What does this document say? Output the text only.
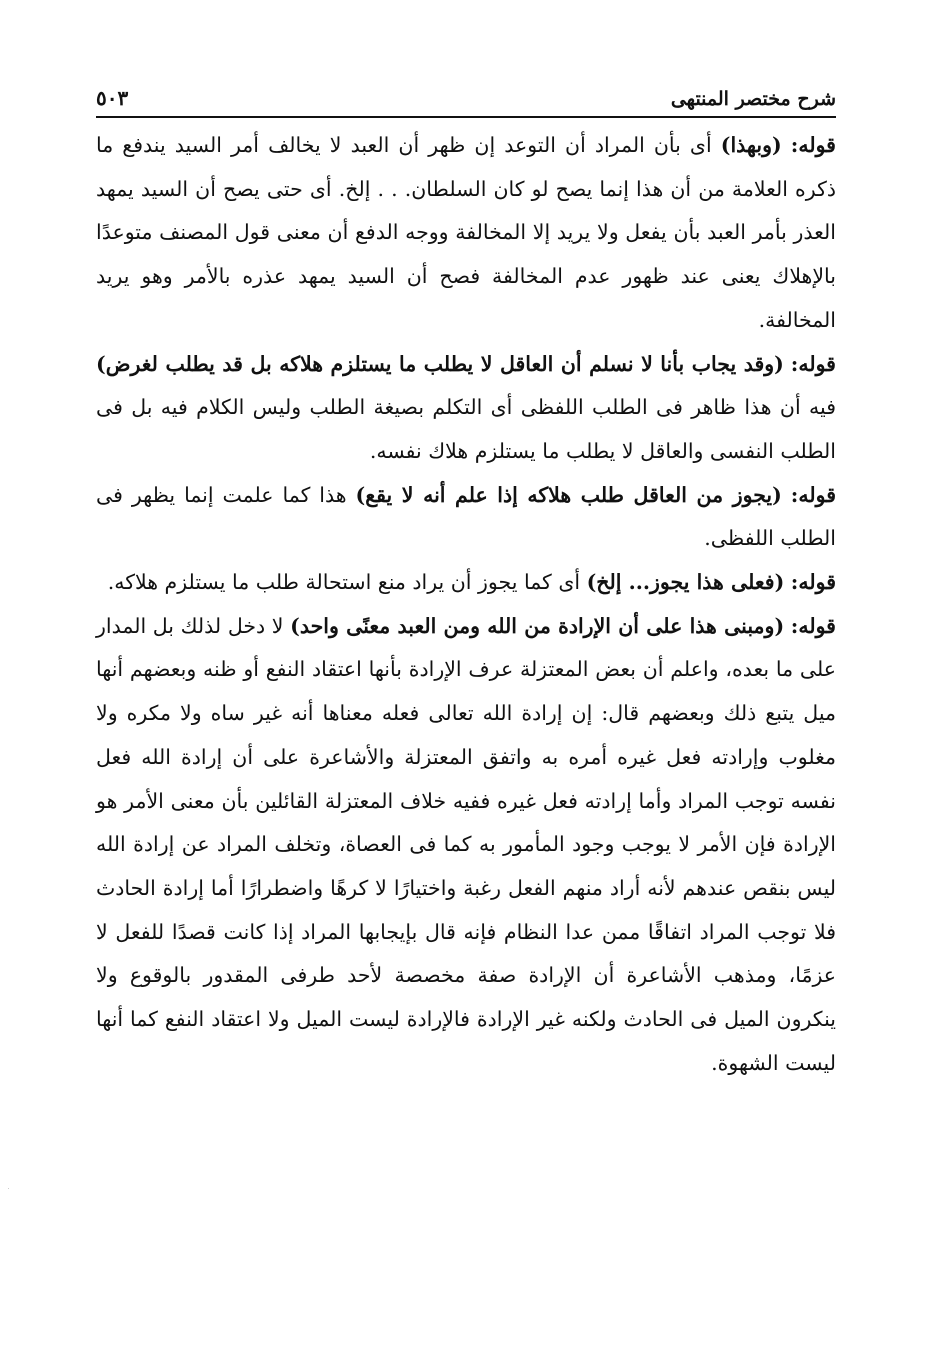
شرح مختصر المنتهى
٥٠٣

قوله: (وبهذا) أى بأن المراد أن التوعد إن ظهر أن العبد لا يخالف أمر السيد يندفع ما ذكره العلامة من أن هذا إنما يصح لو كان السلطان. . . إلخ. أى حتى يصح أن السيد يمهد العذر بأمر العبد بأن يفعل ولا يريد إلا المخالفة ووجه الدفع أن معنى قول المصنف متوعدًا بالإهلاك يعنى عند ظهور عدم المخالفة فصح أن السيد يمهد عذره بالأمر وهو يريد المخالفة.

قوله: (وقد يجاب بأنا لا نسلم أن العاقل لا يطلب ما يستلزم هلاكه بل قد يطلب لغرض) فيه أن هذا ظاهر فى الطلب اللفظى أى التكلم بصيغة الطلب وليس الكلام فيه بل فى الطلب النفسى والعاقل لا يطلب ما يستلزم هلاك نفسه.

قوله: (يجوز من العاقل طلب هلاكه إذا علم أنه لا يقع) هذا كما علمت إنما يظهر فى الطلب اللفظى.

قوله: (فعلى هذا يجوز... إلخ) أى كما يجوز أن يراد منع استحالة طلب ما يستلزم هلاكه.

قوله: (ومبنى هذا على أن الإرادة من الله ومن العبد معنًى واحد) لا دخل لذلك بل المدار على ما بعده، واعلم أن بعض المعتزلة عرف الإرادة بأنها اعتقاد النفع أو ظنه وبعضهم أنها ميل يتبع ذلك وبعضهم قال: إن إرادة الله تعالى فعله معناها أنه غير ساه ولا مكره ولا مغلوب وإرادته فعل غيره أمره به واتفق المعتزلة والأشاعرة على أن إرادة الله فعل نفسه توجب المراد وأما إرادته فعل غيره ففيه خلاف المعتزلة القائلين بأن معنى الأمر هو الإرادة فإن الأمر لا يوجب وجود المأمور به كما فى العصاة، وتخلف المراد عن إرادة الله ليس بنقص عندهم لأنه أراد منهم الفعل رغبة واختيارًا لا كرهًا واضطرارًا أما إرادة الحادث فلا توجب المراد اتفاقًا ممن عدا النظام فإنه قال بإيجابها المراد إذا كانت قصدًا للفعل لا عزمًا، ومذهب الأشاعرة أن الإرادة صفة مخصصة لأحد طرفى المقدور بالوقوع ولا ينكرون الميل فى الحادث ولكنه غير الإرادة فالإرادة ليست الميل ولا اعتقاد النفع كما أنها ليست الشهوة.
